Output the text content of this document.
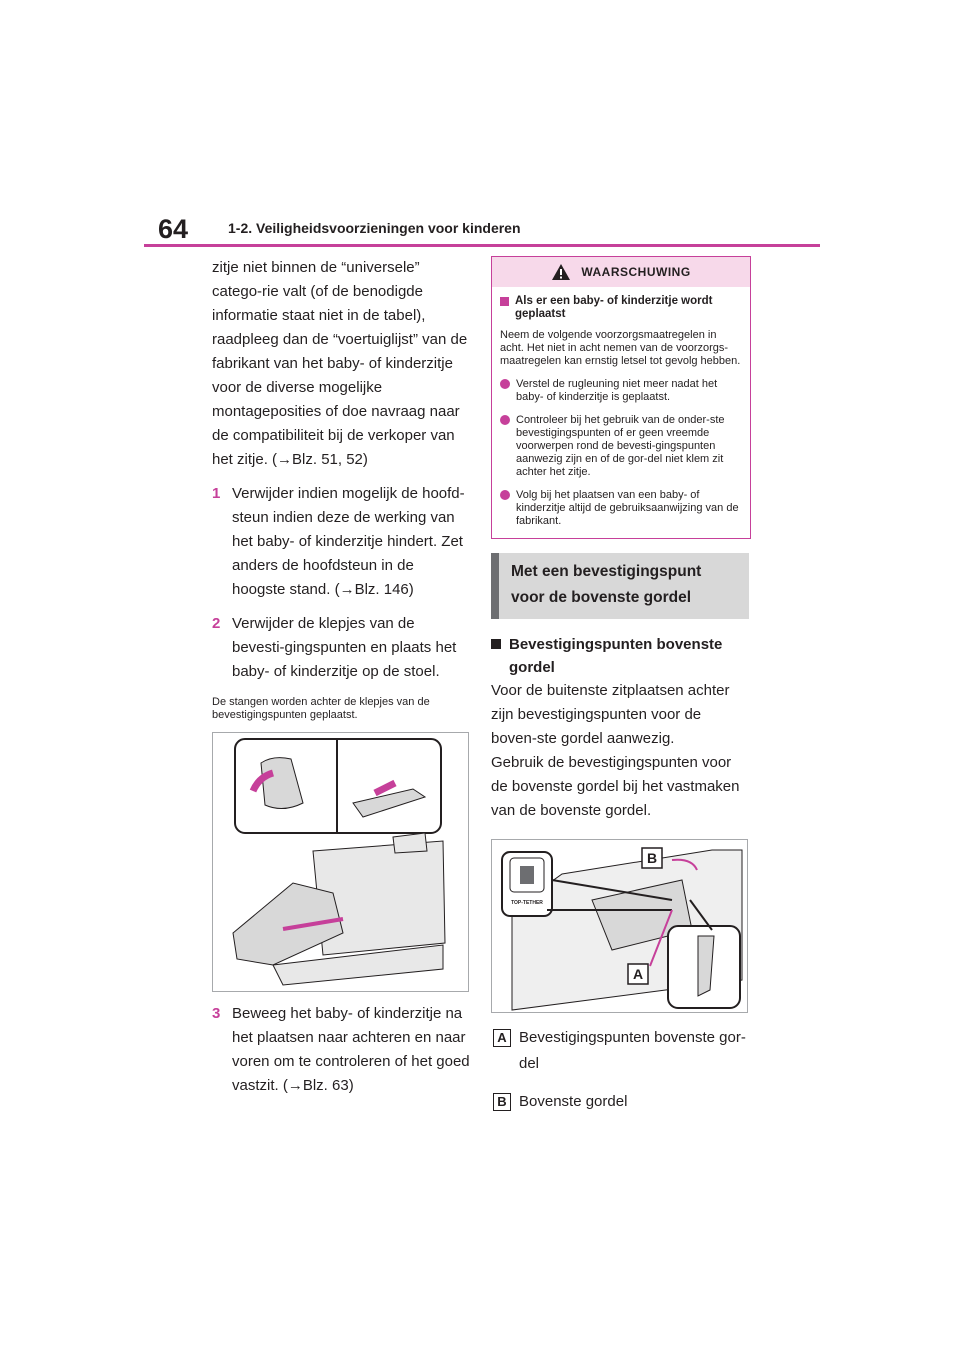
64	1-2. Veiligheidsvoorzieningen voor kinderen

zitje niet binnen de “universele” catego-rie valt (of de benodigde informatie staat niet in de tabel), raadpleeg dan de “voertuiglijst” van de fabrikant van het baby- of kinderzitje voor de diverse mogelijke montageposities of doe navraag naar de compatibiliteit bij de verkoper van het zitje. (→Blz. 51, 52)

1 Verwijder indien mogelijk de hoofd-steun indien deze de werking van het baby- of kinderzitje hindert. Zet anders de hoofdsteun in de hoogste stand. (→Blz. 146)
2 Verwijder de klepjes van de bevesti-gingspunten en plaats het baby- of kinderzitje op de stoel.
De stangen worden achter de klepjes van de bevestigingspunten geplaatst.
3 Beweeg het baby- of kinderzitje na het plaatsen naar achteren en naar voren om te controleren of het goed vastzit. (→Blz. 63)
WAARSCHUWING
Als er een baby- of kinderzitje wordt geplaatst
Neem de volgende voorzorgsmaatregelen in acht. Het niet in acht nemen van de voorzorgs-maatregelen kan ernstig letsel tot gevolg hebben.
Verstel de rugleuning niet meer nadat het baby- of kinderzitje is geplaatst.
Controleer bij het gebruik van de onder-ste bevestigingspunten of er geen vreemde voorwerpen rond de bevesti-gingspunten aanwezig zijn en of de gor-del niet klem zit achter het zitje.
Volg bij het plaatsen van een baby- of kinderzitje altijd de gebruiksaanwijzing van de fabrikant.
Met een bevestigingspunt voor de bovenste gordel
Bevestigingspunten bovenste gordel

Voor de buitenste zitplaatsen achter zijn bevestigingspunten voor de boven-ste gordel aanwezig.

Gebruik de bevestigingspunten voor de bovenste gordel bij het vastmaken van de bovenste gordel.

B
A
TOP-TETHER
A Bevestigingspunten bovenste gor-del
B Bovenste gordel
